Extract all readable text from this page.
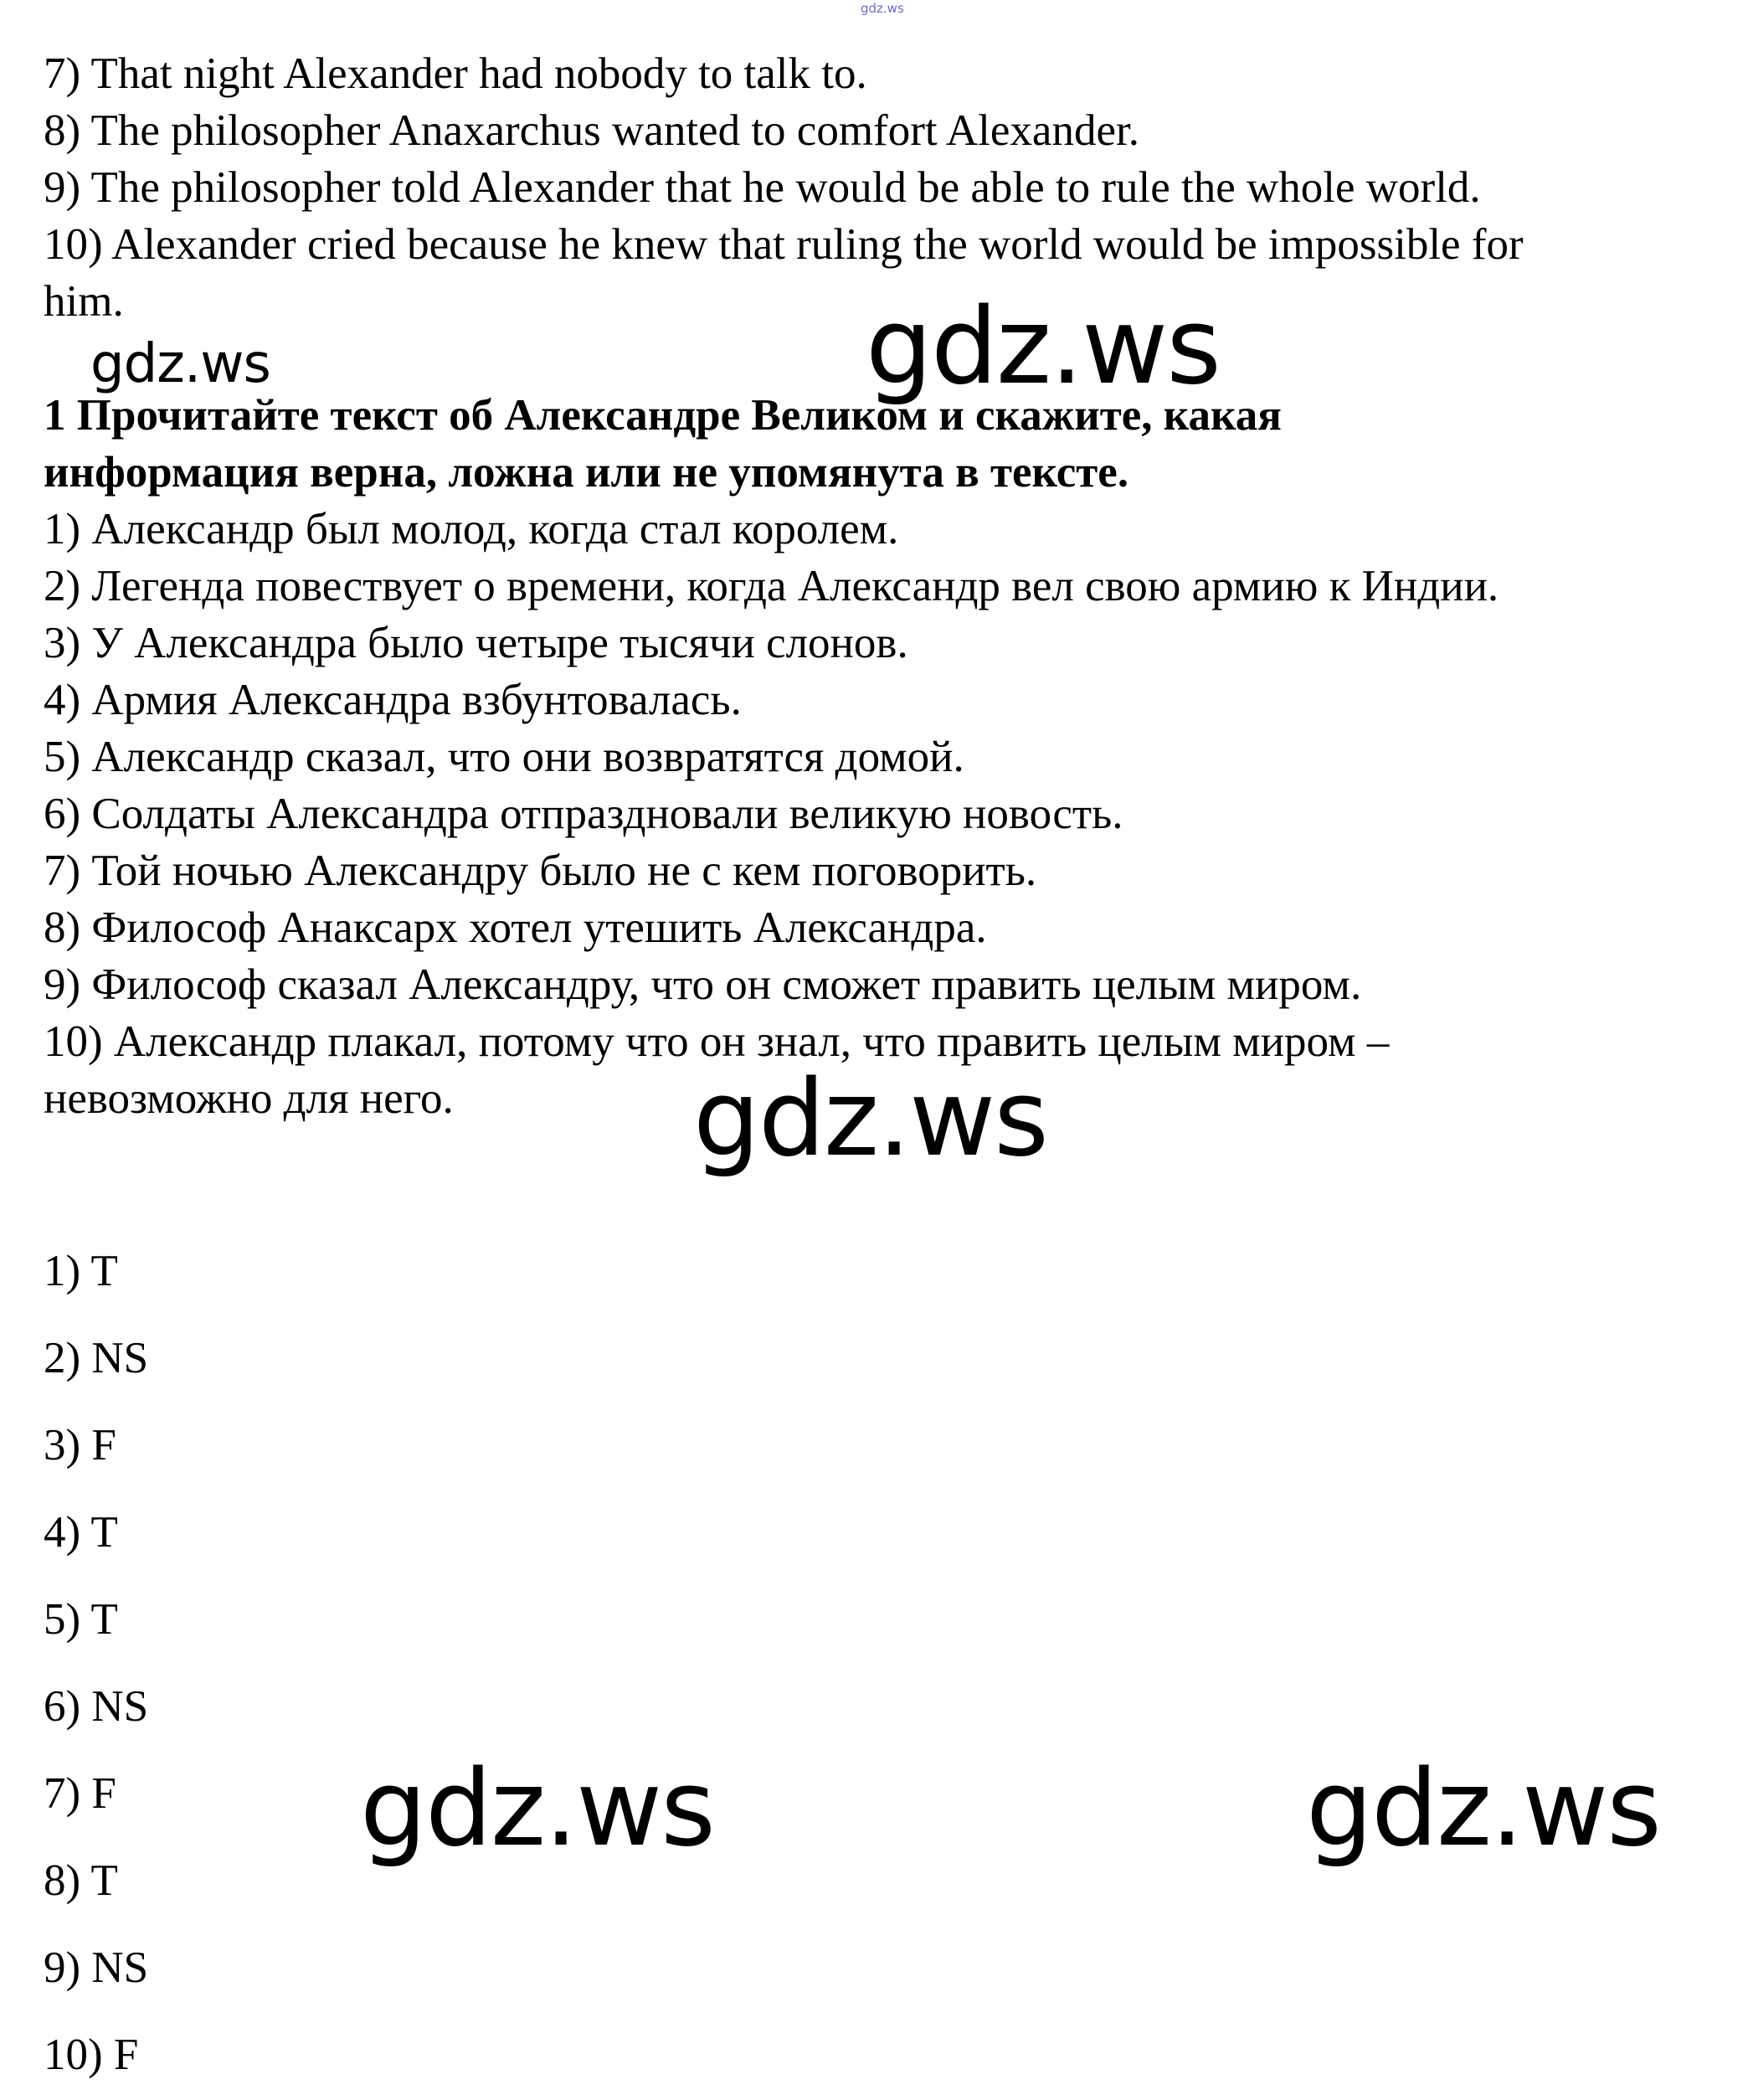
gdz.ws
7) That night Alexander had nobody to talk to.
8) The philosopher Anaxarchus wanted to comfort Alexander.
9) The philosopher told Alexander that he would be able to rule the whole world.
10) Alexander cried because he knew that ruling the world would be impossible for
him.	gdz.ws
gdz.ws
1 Прочитайте текст об Александре Великом и скажите, какая
информация верна, ложна или не упомянута в тексте.
1) Александр был молод, когда стал королем.
2) Легенда повествует о времени, когда Александр вел свою армию к Индии.
3) У Александра было четыре тысячи слонов.
4) Армия Александра взбунтовалась.
5) Александр сказал, что они возвратятся домой.
6) Солдаты Александра отпраздновали великую новость.
7) Той ночью Александру было не с кем поговорить.
8) Философ Анаксарх хотел утешить Александра.
9) Философ сказал Александру, что он сможет править целым миром.
10) Александр плакал, потому что он знал, что править целым миром –
невозможно для него. gdz.ws
1) T
2) NS
3) F
4) T
5) T
6) NS
7) F
8) T
9) NS
10) F
gdz.ws	gdz.ws
